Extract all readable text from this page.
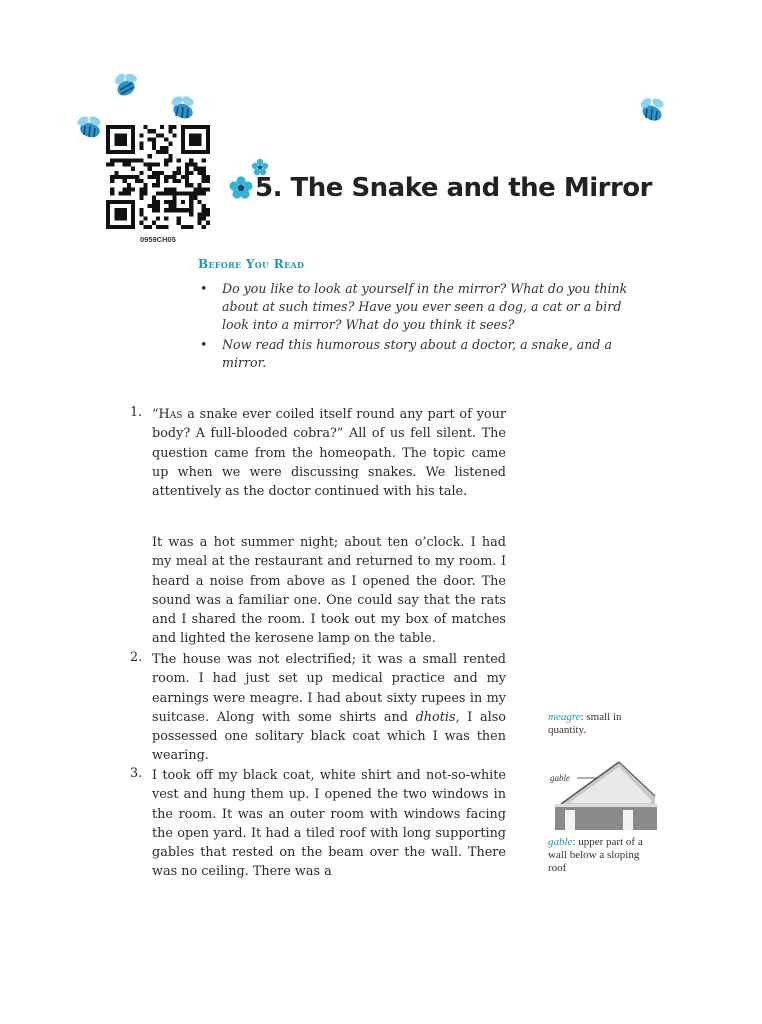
0959CH05
5. The Snake and the Mirror
Before You Read
• Do you like to look at yourself in the mirror? What do you think about at such times? Have you ever seen a dog, a cat or a bird look into a mirror? What do you think it sees?
• Now read this humorous story about a doctor, a snake, and a mirror.
1. “Has a snake ever coiled itself round any part of your body? A full-blooded cobra?” All of us fell silent. The question came from the homeopath. The topic came up when we were discussing snakes. We listened attentively as the doctor continued with his tale.
It was a hot summer night; about ten o’clock. I had my meal at the restaurant and returned to my room. I heard a noise from above as I opened the door. The sound was a familiar one. One could say that the rats and I shared the room. I took out my box of matches and lighted the kerosene lamp on the table.
2. The house was not electrified; it was a small rented room. I had just set up medical practice and my earnings were meagre. I had about sixty rupees in my suitcase. Along with some shirts and dhotis, I also possessed one solitary black coat which I was then wearing.
3. I took off my black coat, white shirt and not-so-white vest and hung them up. I opened the two windows in the room. It was an outer room with windows facing the open yard. It had a tiled roof with long supporting gables that rested on the beam over the wall. There was no ceiling. There was a
meagre: small in quantity.
gable
gable: upper part of a wall below a sloping roof
